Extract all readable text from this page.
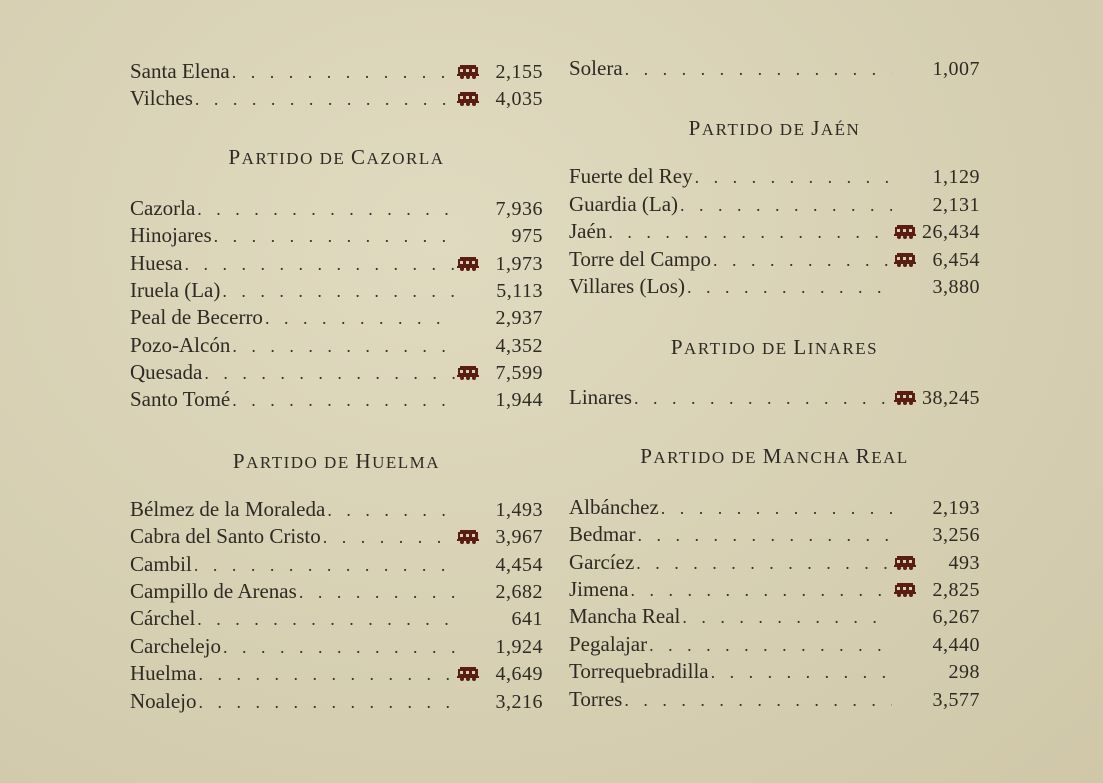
Santa Elena . . .	2,155
Vilches . . .	4,035
PARTIDO DE CAZORLA
Cazorla . . .	7,936
Hinojares . . .	975
Huesa . . .	1,973
Iruela (La) . . .	5,113
Peal de Becerro . . .	2,937
Pozo-Alcón . . .	4,352
Quesada . . .	7,599
Santo Tomé . . .	1,944
PARTIDO DE HUELMA
Bélmez de la Moraleda . . .	1,493
Cabra del Santo Cristo . . .	3,967
Cambil . . .	4,454
Campillo de Arenas . . .	2,682
Cárchel . . .	641
Carchelejo . . .	1,924
Huelma . . .	4,649
Noalejo . . .	3,216
Solera . . .	1,007
PARTIDO DE JAÉN
Fuerte del Rey . . .	1,129
Guardia (La) . . .	2,131
Jaén . . .	26,434
Torre del Campo . . .	6,454
Villares (Los) . . .	3,880
PARTIDO DE LINARES
Linares . . .	38,245
PARTIDO DE MANCHA REAL
Albánchez . . .	2,193
Bedmar . . .	3,256
Garcíez . . .	493
Jimena . . .	2,825
Mancha Real . . .	6,267
Pegalajar . . .	4,440
Torrequebradilla . . .	298
Torres . . .	3,577
